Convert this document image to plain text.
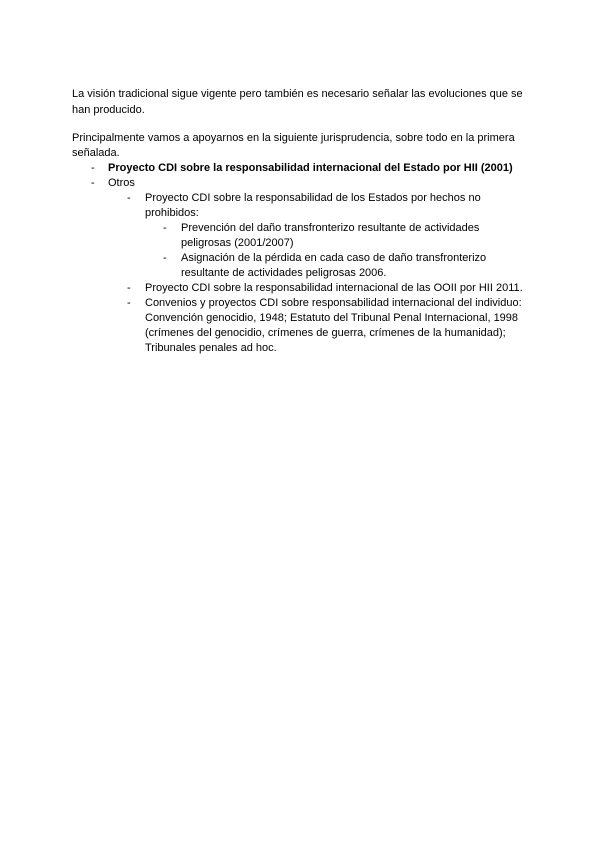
La visión tradicional sigue vigente pero también es necesario señalar las evoluciones que se
han producido.
Principalmente vamos a apoyarnos en la siguiente jurisprudencia, sobre todo en la primera
señalada.
- Proyecto CDI sobre la responsabilidad internacional del Estado por HII (2001)
- Otros
- Proyecto CDI sobre la responsabilidad de los Estados por hechos no
prohibidos:
- Prevención del daño transfronterizo resultante de actividades
peligrosas (2001/2007)
- Asignación de la pérdida en cada caso de daño transfronterizo
resultante de actividades peligrosas 2006.
- Proyecto CDI sobre la responsabilidad internacional de las OOII por HII 2011.
- Convenios y proyectos CDI sobre responsabilidad internacional del individuo:
Convención genocidio, 1948; Estatuto del Tribunal Penal Internacional, 1998
(crímenes del genocidio, crímenes de guerra, crímenes de la humanidad);
Tribunales penales ad hoc.
